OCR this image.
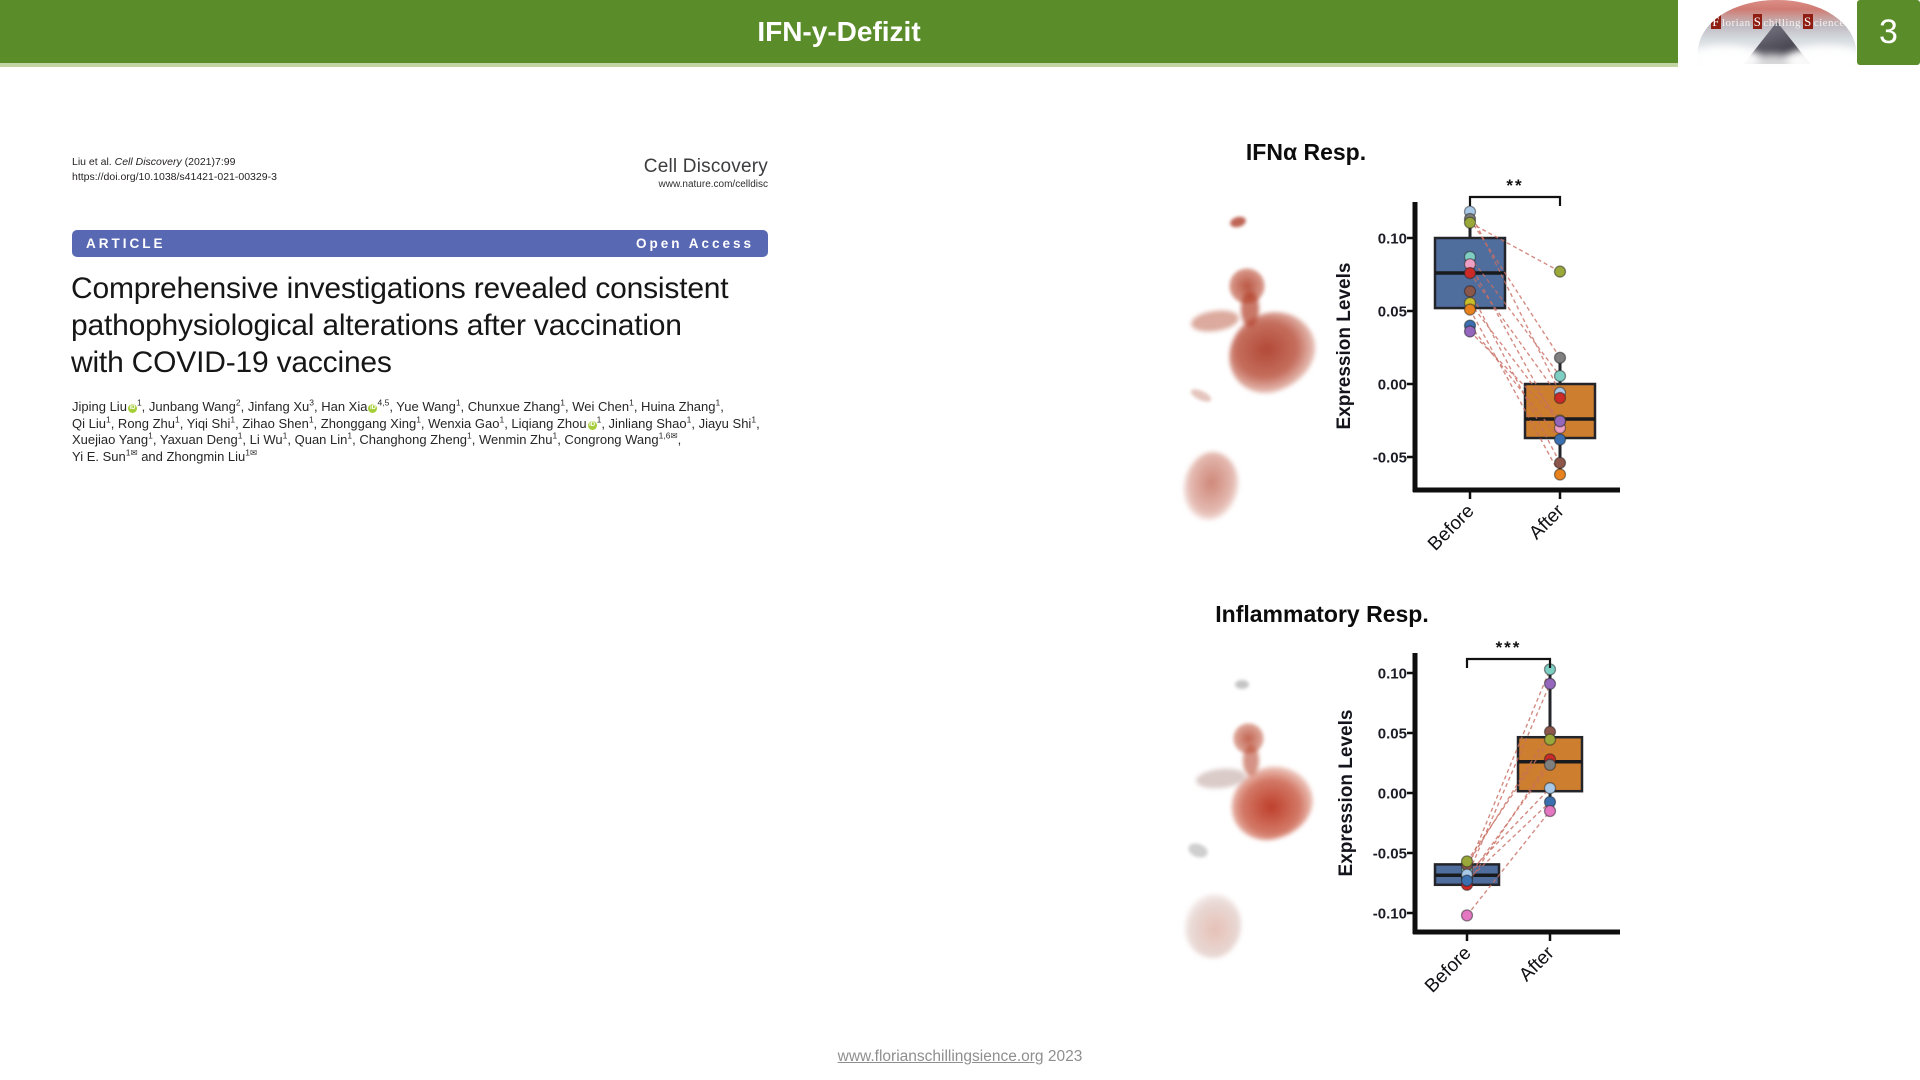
IFN-y-Defizit	F lorian S chilling S cience	3
Liu et al. Cell Discovery (2021)7:99
https://doi.org/10.1038/s41421-021-00329-3	Cell Discovery
www.nature.com/celldisc
ARTICLE	Open Access
Comprehensive investigations revealed consistent
pathophysiological alterations after vaccination
with COVID-19 vaccines
Jiping Liu $iD^1$, Junbang Wang$^2$, Jinfang Xu$^3$, Han Xia iD$^{4,5}$, Yue Wang$^1$, Chunxue Zhang$^1$, Wei Chen$^1$, Huina Zhang$^1$,
Qi Liu$^1$, Rong Zhu$^1$, Yiqi Shi$^1$, Zihao Shen$^1$, Zhonggang Xing$^1$, Wenxia Gao$^1$, Liqiang Zhou $iD^1$, Jinliang Shao$^1$, Jiayu Shi$^1$,
Xuejiao Yang$^1$, Yaxuan Deng$^1$, Li Wu$^1$, Quan Lin$^1$, Changhong Zheng$^1$, Wenmin Zhu$^1$, Congrong Wang$^{1,6✉}$,
Yi E. Sun$^{1✉}$ and Zhongmin Liu$^{1✉}$
0.10
0.05
0.00
-0.05
Before After
**
IFNα Resp.
Expression Levels
0.10
0.05
0.00
-0.05
-0.10
Before After
***
Inflammatory Resp.
Expression Levels
www.florianschillingsience.org 2023
